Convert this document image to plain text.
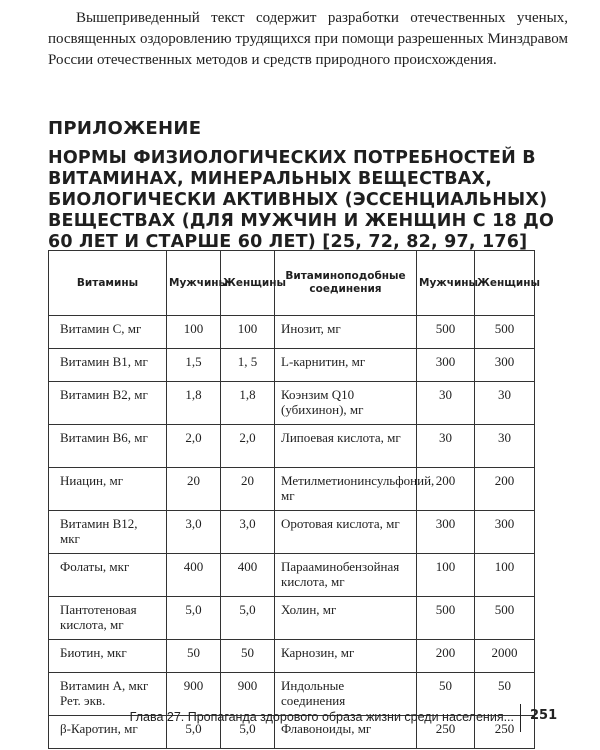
Вышеприведенный текст содержит разработки отечественных ученых, посвященных оздоровлению трудящихся при помощи разрешенных Минздравом России отечественных методов и средств природного происхождения.

ПРИЛОЖЕНИЕ
НОРМЫ ФИЗИОЛОГИЧЕСКИХ ПОТРЕБНОСТЕЙ В ВИТАМИНАХ, МИНЕРАЛЬНЫХ ВЕЩЕСТВАХ, БИОЛОГИЧЕСКИ АКТИВНЫХ (ЭССЕНЦИАЛЬНЫХ) ВЕЩЕСТВАХ (ДЛЯ МУЖЧИН И ЖЕНЩИН С 18 ДО 60 ЛЕТ И СТАРШЕ 60 ЛЕТ) [25, 72, 82, 97, 176]
Витамины	Мужчины	Женщины	Витаминоподобные соединения	Мужчины	Женщины
Витамин С, мг	100	100	Инозит, мг	500	500
Витамин В1, мг	1,5	1, 5	L-карнитин, мг	300	300
Витамин В2, мг	1,8	1,8	Коэнзим Q10 (убихинон), мг	30	30
Витамин В6, мг	2,0	2,0	Липоевая кислота, мг	30	30
Ниацин, мг	20	20	Метилметионинсульфоний, мг	200	200
Витамин В12, мкг	3,0	3,0	Оротовая кислота, мг	300	300
Фолаты, мкг	400	400	Парааминобензойная кислота, мг	100	100
Пантотеновая кислота, мг	5,0	5,0	Холин, мг	500	500
Биотин, мкг	50	50	Карнозин, мг	200	2000
Витамин А, мкг Рет. экв.	900	900	Индольные соединения	50	50
β-Каротин, мг	5,0	5,0	Флавоноиды, мг	250	250
Глава 27. Пропаганда здорового образа жизни среди населения... 251
